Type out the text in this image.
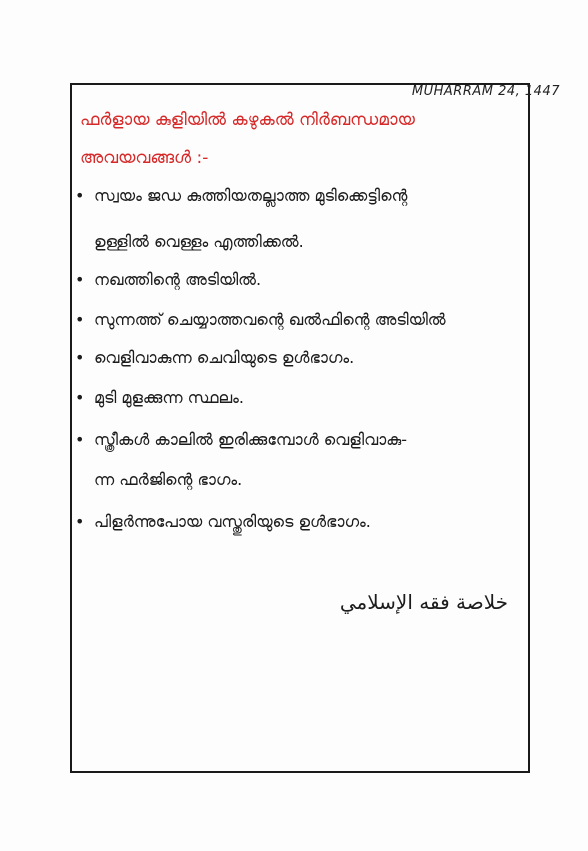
MUHARRAM 24, 1447
ഫർളായ കുളിയിൽ കഴുകൽ നിർബന്ധമായ
അവയവങ്ങൾ :-
• സ്വയം ജഡ കുത്തിയതല്ലാത്ത മുടിക്കെട്ടിന്റെ
ഉള്ളിൽ വെള്ളം എത്തിക്കൽ.
• നഖത്തിന്റെ അടിയിൽ.
• സുന്നത്ത് ചെയ്യാത്തവന്റെ ഖൽഫിന്റെ അടിയിൽ
• വെളിവാകുന്ന ചെവിയുടെ ഉൾഭാഗം.
• മുടി മുളക്കുന്ന സ്ഥലം.
• സ്ത്രീകൾ കാലിൽ ഇരിക്കുമ്പോൾ വെളിവാകു-
ന്ന ഫർജിന്റെ ഭാഗം.
• പിളർന്നുപോയ വസ്തുരിയുടെ ഉൾഭാഗം.
خلاصة فقه الإسلامي
